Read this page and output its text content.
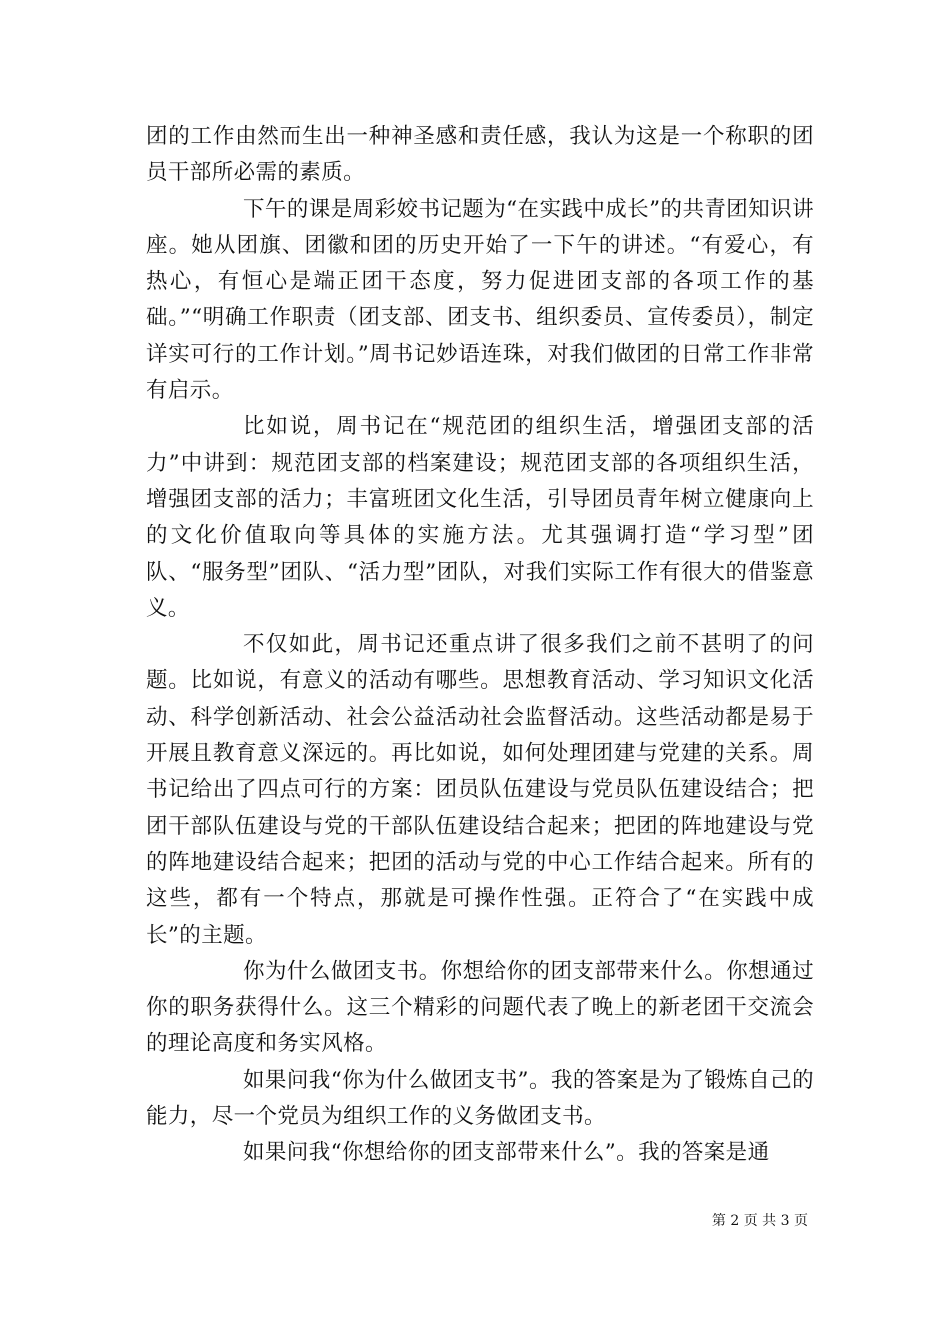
团的工作由然而生出一种神圣感和责任感，我认为这是一个称职的团员干部所必需的素质。

下午的课是周彩姣书记题为“在实践中成长”的共青团知识讲座。她从团旗、团徽和团的历史开始了一下午的讲述。“有爱心，有热心，有恒心是端正团干态度，努力促进团支部的各项工作的基础。”“明确工作职责（团支部、团支书、组织委员、宣传委员），制定详实可行的工作计划。”周书记妙语连珠，对我们做团的日常工作非常有启示。

比如说，周书记在“规范团的组织生活，增强团支部的活力”中讲到：规范团支部的档案建设；规范团支部的各项组织生活，增强团支部的活力；丰富班团文化生活，引导团员青年树立健康向上的文化价值取向等具体的实施方法。尤其强调打造“学习型”团队、“服务型”团队、“活力型”团队，对我们实际工作有很大的借鉴意义。

不仅如此，周书记还重点讲了很多我们之前不甚明了的问题。比如说，有意义的活动有哪些。思想教育活动、学习知识文化活动、科学创新活动、社会公益活动社会监督活动。这些活动都是易于开展且教育意义深远的。再比如说，如何处理团建与党建的关系。周书记给出了四点可行的方案：团员队伍建设与党员队伍建设结合；把团干部队伍建设与党的干部队伍建设结合起来；把团的阵地建设与党的阵地建设结合起来；把团的活动与党的中心工作结合起来。所有的这些，都有一个特点，那就是可操作性强。正符合了“在实践中成长”的主题。

你为什么做团支书。你想给你的团支部带来什么。你想通过你的职务获得什么。这三个精彩的问题代表了晚上的新老团干交流会的理论高度和务实风格。

如果问我“你为什么做团支书”。我的答案是为了锻炼自己的能力，尽一个党员为组织工作的义务做团支书。

如果问我“你想给你的团支部带来什么”。我的答案是通

第 2 页 共 3 页
